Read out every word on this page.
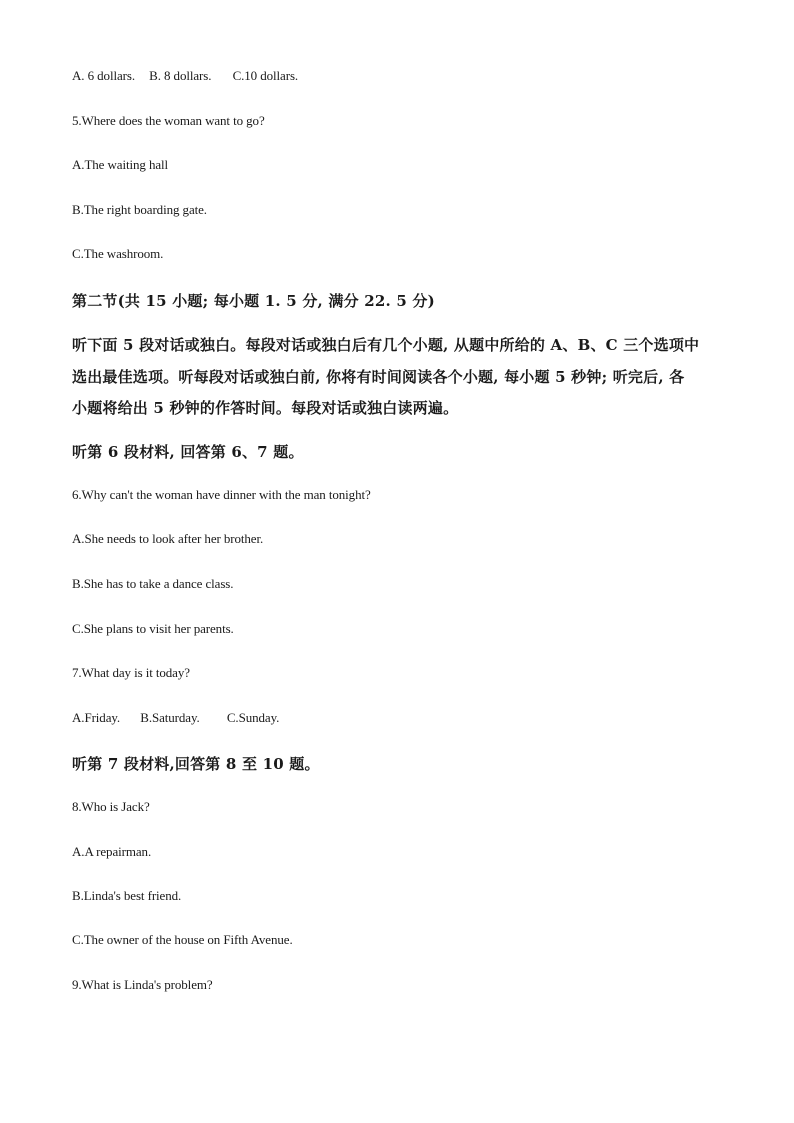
A. 6 dollars. B. 8 dollars. C.10 dollars.
5.Where does the woman want to go?
A.The waiting hall
B.The right boarding gate.
C.The washroom.
第二节(共 15 小题; 每小题 1. 5 分, 满分 22. 5 分)
听下面 5 段对话或独白。每段对话或独白后有几个小题, 从题中所给的 A、B、C 三个选项中
选出最佳选项。听每段对话或独白前, 你将有时间阅读各个小题, 每小题 5 秒钟; 听完后, 各
小题将给出 5 秒钟的作答时间。每段对话或独白读两遍。
听第 6 段材料, 回答第 6、7 题。
6.Why can't the woman have dinner with the man tonight?
A.She needs to look after her brother.
B.She has to take a dance class.
C.She plans to visit her parents.
7.What day is it today?
A.Friday. B.Saturday. C.Sunday.
听第 7 段材料,回答第 8 至 10 题。
8.Who is Jack?
A.A repairman.
B.Linda's best friend.
C.The owner of the house on Fifth Avenue.
9.What is Linda's problem?
